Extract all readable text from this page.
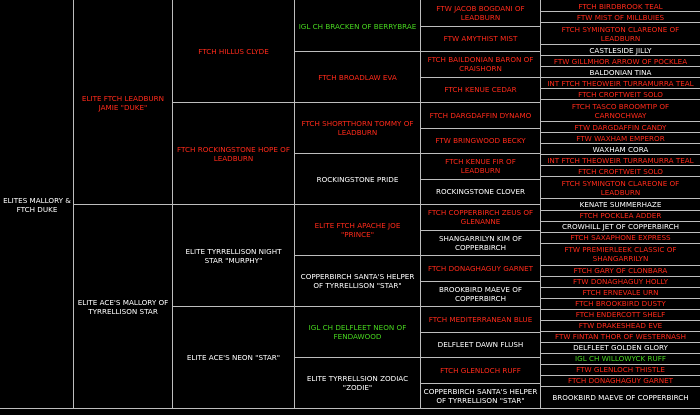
ELITES MALLORY &
FTCH DUKE
ELITE FTCH LEADBURN
JAMIE "DUKE"
ELITE ACE'S MALLORY OF
TYRRELLISON STAR
FTCH HILLUS CLYDE
FTCH ROCKINGSTONE HOPE OF
LEADBURN
ELITE TYRRELLISON NIGHT
STAR "MURPHY"
ELITE ACE'S NEON "STAR"
IGL CH BRACKEN OF BERRYBRAE
FTCH BROADLAW EVA
FTCH SHORTTHORN TOMMY OF
LEADBURN
ROCKINGSTONE PRIDE
ELITE FTCH APACHE JOE
"PRINCE"
COPPERBIRCH SANTA'S HELPER
OF TYRRELLISON "STAR"
IGL CH DELFLEET NEON OF
FENDAWOOD
ELITE TYRRELLSION ZODIAC
"ZODIE"
FTW JACOB BOGDANI OF
LEADBURN
FTW AMYTHIST MIST
FTCH BAILDONIAN BARON OF
CRAISHORN
FTCH KENUE CEDAR
FTCH DARGDAFFIN DYNAMO
FTW BRINGWOOD BECKY
FTCH KENUE FIR OF
LEADBURN
ROCKINGSTONE CLOVER
FTCH COPPERBIRCH ZEUS OF
GLENANNE
SHANGARRILYN KIM OF
COPPERBIRCH
FTCH DONAGHAGUY GARNET
BROOKBIRD MAEVE OF
COPPERBIRCH
FTCH MEDITERRANEAN BLUE
DELFLEET DAWN FLUSH
FTCH GLENLOCH RUFF
COPPERBIRCH SANTA'S HELPER
OF TYRRELLISON "STAR"
FTCH BIRDBROOK TEAL
FTW MIST OF MILLBUIES
FTCH SYMINGTON CLAREONE OF
LEADBURN
CASTLESIDE JILLY
FTW GILLMHOR ARROW OF POCKLEA
BALDONIAN TINA
INT FTCH THEOWEIR TURRAMURRA TEAL
FTCH CROFTWEIT SOLO
FTCH TASCO BROOMTIP OF
CARNOCHWAY
FTW DARGDAFFIN CANDY
FTW WAXHAM EMPEROR
WAXHAM CORA
INT FTCH THEOWEIR TURRAMURRA TEAL
FTCH CROFTWEIT SOLO
FTCH SYMINGTON CLAREONE OF
LEADBURN
KENATE SUMMERHAZE
FTCH POCKLEA ADDER
CROWHILL JET OF COPPERBIRCH
FTCH SAXAPHONE EXPRESS
FTW PREMIERLEEK CLASSIC OF
SHANGARRILYN
FTCH GARY OF CLONBARA
FTW DONAGHAGUY HOLLY
FTCH ERNEVALE URN
FTCH BROOKBIRD DUSTY
FTCH ENDERCOTT SHELF
FTW DRAKESHEAD EVE
FTW FINTAN THOR OF WESTERNASH
DELFLEET GOLDEN GLORY
IGL CH WILLOWYCK RUFF
FTW GLENLOCH THISTLE
FTCH DONAGHAGUY GARNET
BROOKBIRD MAEVE OF COPPERBIRCH
